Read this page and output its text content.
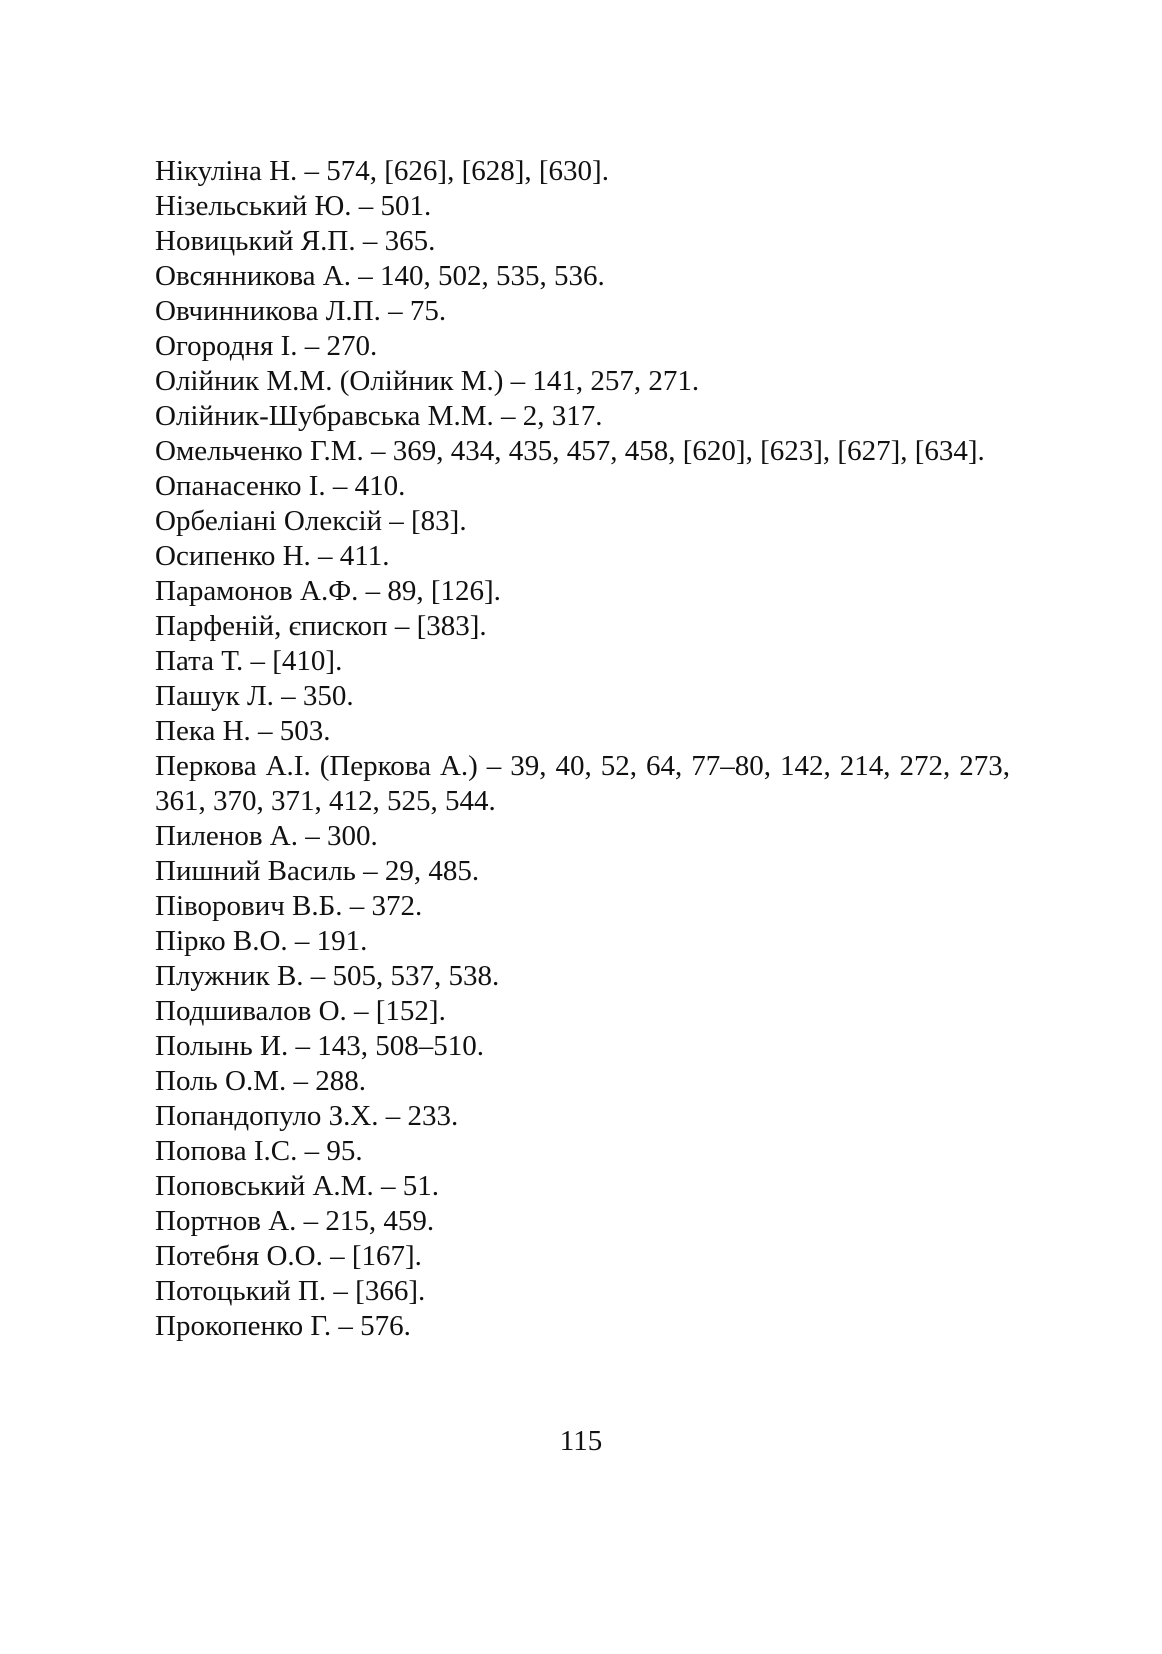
Нікуліна Н. – 574, [626], [628], [630].
Нізельський Ю. – 501.
Новицький Я.П. – 365.
Овсянникова А. – 140, 502, 535, 536.
Овчинникова Л.П. – 75.
Огородня І. – 270.
Олійник М.М. (Олійник М.) – 141, 257, 271.
Олійник-Шубравська М.М. – 2, 317.
Омельченко Г.М. – 369, 434, 435, 457, 458, [620], [623], [627], [634].
Опанасенко І. – 410.
Орбеліані Олексій – [83].
Осипенко Н. – 411.
Парамонов А.Ф. – 89, [126].
Парфеній, єпископ – [383].
Пата Т. – [410].
Пашук Л. – 350.
Пека Н. – 503.
Перкова А.І. (Перкова А.) – 39, 40, 52, 64, 77–80, 142, 214, 272, 273, 361, 370, 371, 412, 525, 544.
Пиленов А. – 300.
Пишний Василь – 29, 485.
Піворович В.Б. – 372.
Пірко В.О. – 191.
Плужник В. – 505, 537, 538.
Подшивалов О. – [152].
Полынь И. – 143, 508–510.
Поль О.М. – 288.
Попандопуло З.Х. – 233.
Попова І.С. – 95.
Поповський А.М. – 51.
Портнов А. – 215, 459.
Потебня О.О. – [167].
Потоцький П. – [366].
Прокопенко Г. – 576.
115
